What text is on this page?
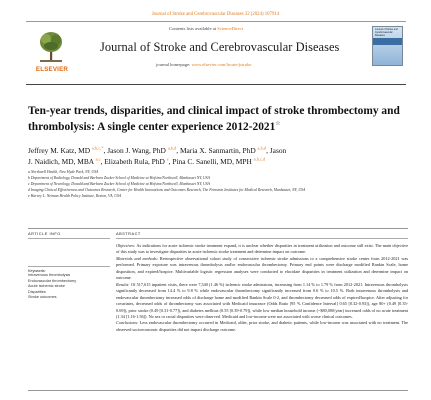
Journal of Stroke and Cerebrovascular Diseases 32 (2024) 107914
ELSEVIER
Contents lists available at ScienceDirect
Journal of Stroke and Cerebrovascular Diseases
journal homepage: www.elsevier.com/locate/jstroke
Journal of Stroke and Cerebrovascular Diseases
Ten-year trends, disparities, and clinical impact of stroke thrombectomy and thrombolysis: A single center experience 2012-2021☆
Jeffrey M. Katz, MD $^{a,b,c,*}$, Jason J. Wang, PhD $^{a,b,d}$, Maria X. Sanmartin, PhD $^{a,b,d}$, Jason
J. Naidich, MD, MBA $^{a,c}$, Elizabeth Rula, PhD $^e$, Pina C. Sanelli, MD, MPH $^{a,b,c,d}$

a Northwell Health, New Hyde Park, NY, USA

b Department of Radiology, Donald and Barbara Zucker School of Medicine at Hofstra/Northwell, Manhasset NY, USA

c Department of Neurology, Donald and Barbara Zucker School of Medicine at Hofstra/Northwell, Manhasset NY, USA

d Imaging Clinical Effectiveness and Outcomes Research, Center for Health Innovations and Outcomes Research, The Feinstein Institutes for Medical Research, Manhasset, NY, USA

e Harvey L. Neiman Health Policy Institute, Reston, VA, USA

ARTICLE INFO
Keywords:
Intravenous thrombolysis
Endovascular thrombectomy
Acute ischemic stroke
Disparities
Stroke outcomes
ABSTRACT

Objectives: As indications for acute ischemic stroke treatment expand, it is unclear whether disparities in treatment utilization and outcome still exist. The main objective of this study was to investigate disparities in acute ischemic stroke treatment and determine impact on outcome.

Materials and methods: Retrospective observational cohort study of consecutive ischemic stroke admissions to a comprehensive stroke center from 2012-2021 was performed. Primary exposure was intravenous thrombolysis and/or endovascular thrombectomy. Primary end points were discharge modified Rankin Scale, home disposition, and expired/hospice. Multivariable logistic regression analyses were conducted to elucidate disparities in treatment utilization and determine impact on outcome.

Results: Of 517,615 inpatient visits, there were 7,540 (1.46 %) ischemic stroke admissions, increasing from 1.14 % to 1.79 % from 2012-2021. Intravenous thrombolysis significantly decreased from 14.4 % to 9.8 % while endovascular thrombectomy significantly increased from 0.6 % to 10.5 %. Both intravenous thrombolysis and endovascular thrombectomy increased odds of discharge home and modified Rankin Scale 0-2, and thrombectomy decreased odds of expired/hospice. After adjusting for covariates, decreased odds of thrombectomy was associated with Medicaid insurance (Odds Ratio [95 % Confidence Interval] 0.65 [0.32-0.93]), age 80+ (0.49 [0.35-0.69]), prior stroke (0.49 [0.31-0.77]), and diabetes mellitus (0.55 [0.39-0.79]), while low median household income (~$80,000/year) increased odds of no acute treatment (1.34 [1.16-1.56]). No sex or racial disparities were observed. Medicaid and low-income were not associated with worse clinical outcomes.

Conclusions: Less endovascular thrombectomy occurred in Medicaid, older, prior stroke, and diabetic patients, while low-income was associated with no treatment. The observed socioeconomic disparities did not impact discharge outcome.
